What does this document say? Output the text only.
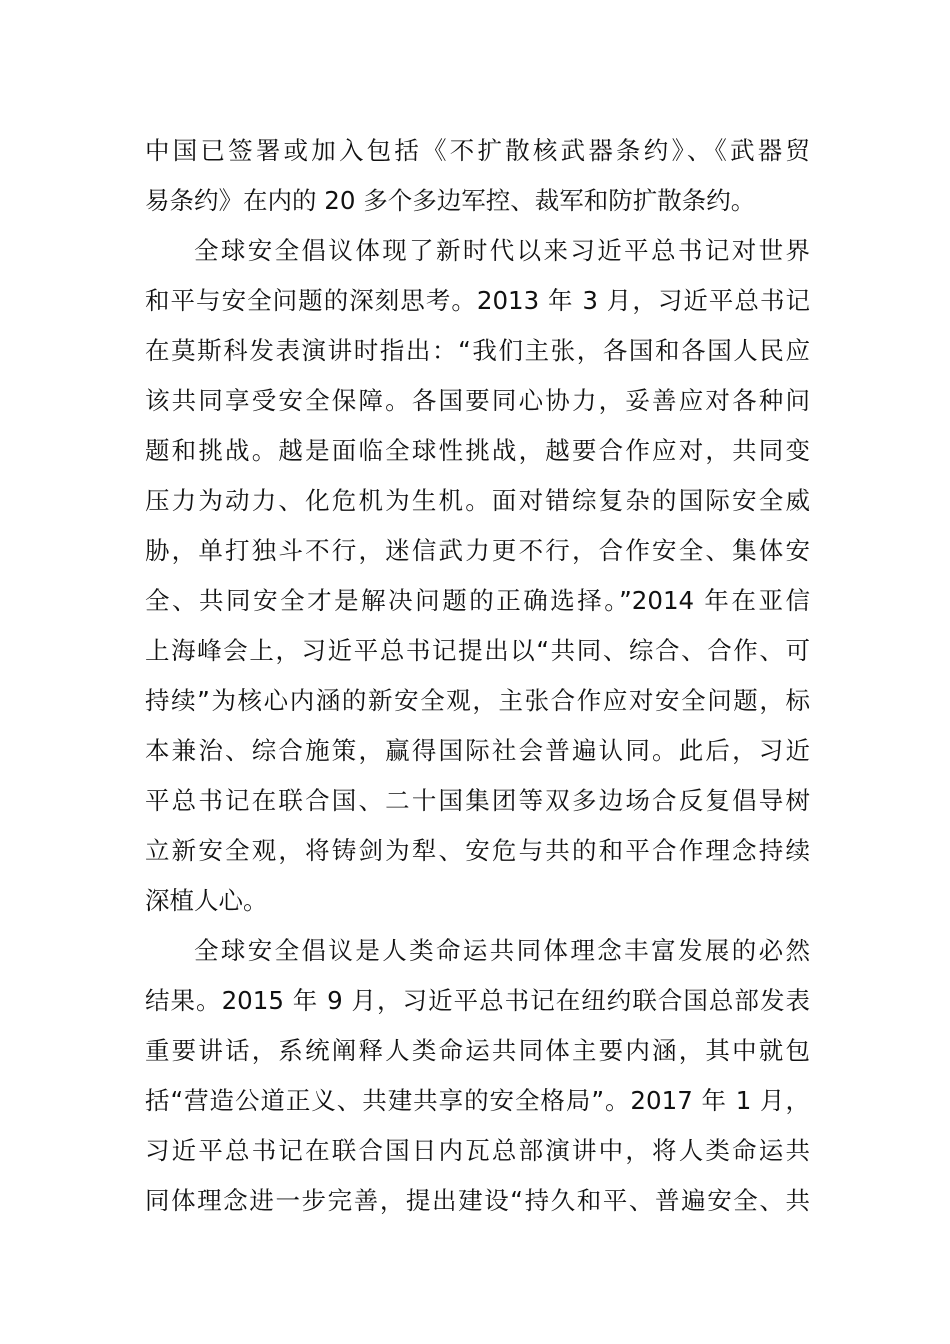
中国已签署或加入包括《不扩散核武器条约》、《武器贸
易条约》在内的 20 多个多边军控、裁军和防扩散条约。
全球安全倡议体现了新时代以来习近平总书记对世界
和平与安全问题的深刻思考。2013 年 3 月，习近平总书记
在莫斯科发表演讲时指出：“我们主张，各国和各国人民应
该共同享受安全保障。各国要同心协力，妥善应对各种问
题和挑战。越是面临全球性挑战，越要合作应对，共同变
压力为动力、化危机为生机。面对错综复杂的国际安全威
胁，单打独斗不行，迷信武力更不行，合作安全、集体安
全、共同安全才是解决问题的正确选择。”2014 年在亚信
上海峰会上，习近平总书记提出以“共同、综合、合作、可
持续”为核心内涵的新安全观，主张合作应对安全问题，标
本兼治、综合施策，赢得国际社会普遍认同。此后，习近
平总书记在联合国、二十国集团等双多边场合反复倡导树
立新安全观，将铸剑为犁、安危与共的和平合作理念持续
深植人心。
全球安全倡议是人类命运共同体理念丰富发展的必然
结果。2015 年 9 月，习近平总书记在纽约联合国总部发表
重要讲话，系统阐释人类命运共同体主要内涵，其中就包
括“营造公道正义、共建共享的安全格局”。2017 年 1 月，
习近平总书记在联合国日内瓦总部演讲中，将人类命运共
同体理念进一步完善，提出建设“持久和平、普遍安全、共
